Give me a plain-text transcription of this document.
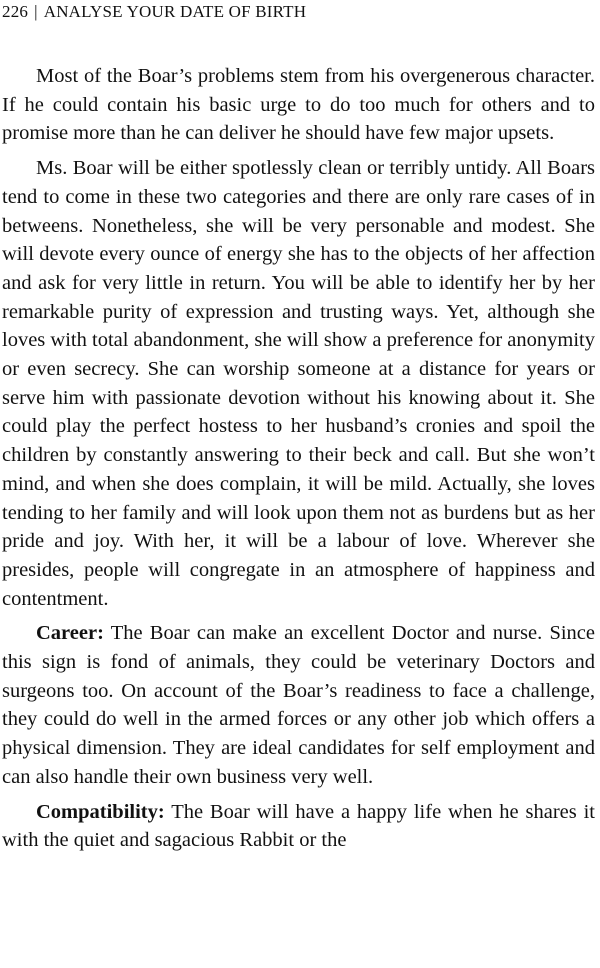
226 | ANALYSE YOUR DATE OF BIRTH

Most of the Boar’s problems stem from his overgenerous character. If he could contain his basic urge to do too much for others and to promise more than he can deliver he should have few major upsets.

Ms. Boar will be either spotlessly clean or terribly untidy. All Boars tend to come in these two categories and there are only rare cases of in betweens. Nonetheless, she will be very personable and modest. She will devote every ounce of energy she has to the objects of her affection and ask for very little in return. You will be able to identify her by her remarkable purity of expression and trusting ways. Yet, although she loves with total abandonment, she will show a preference for anonymity or even secrecy. She can worship someone at a distance for years or serve him with passionate devotion without his knowing about it. She could play the perfect hostess to her husband’s cronies and spoil the children by constantly answering to their beck and call. But she won’t mind, and when she does complain, it will be mild. Actually, she loves tending to her family and will look upon them not as burdens but as her pride and joy. With her, it will be a labour of love. Wherever she presides, people will congregate in an atmosphere of happiness and contentment.

Career: The Boar can make an excellent Doctor and nurse. Since this sign is fond of animals, they could be veterinary Doctors and surgeons too. On account of the Boar’s readiness to face a challenge, they could do well in the armed forces or any other job which offers a physical dimension. They are ideal candidates for self employment and can also handle their own business very well.

Compatibility: The Boar will have a happy life when he shares it with the quiet and sagacious Rabbit or the
